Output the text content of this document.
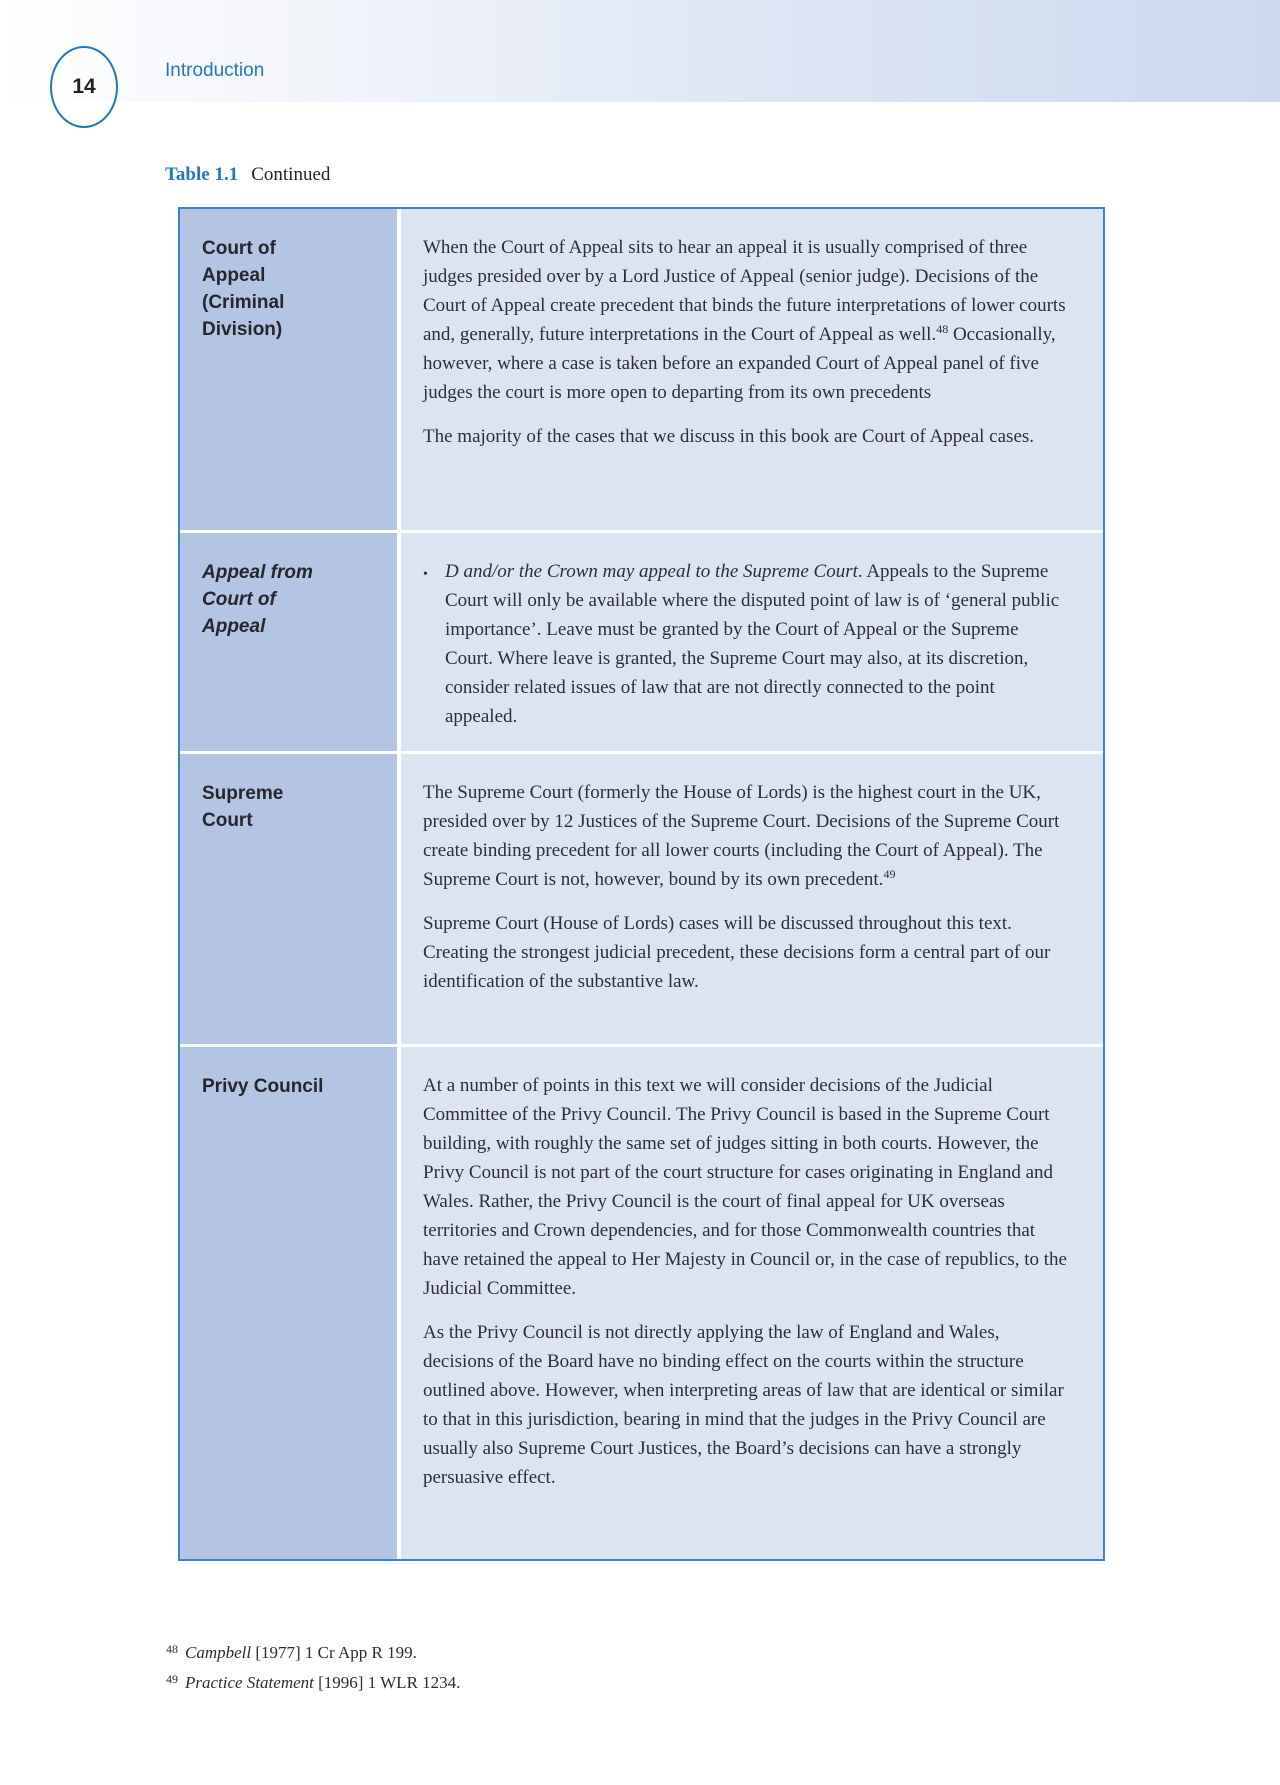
Introduction
14
Table 1.1 Continued
Court of
Appeal
(Criminal
Division)

When the Court of Appeal sits to hear an appeal it is usually comprised of three judges presided over by a Lord Justice of Appeal (senior judge). Decisions of the Court of Appeal create precedent that binds the future interpretations of lower courts and, generally, future interpretations in the Court of Appeal as well.$^{48}$ Occasionally, however, where a case is taken before an expanded Court of Appeal panel of five judges the court is more open to departing from its own precedents

The majority of the cases that we discuss in this book are Court of Appeal cases.

Appeal from
Court of
Appeal
• D and/or the Crown may appeal to the Supreme Court. Appeals to the Supreme Court will only be available where the disputed point of law is of ‘general public importance’. Leave must be granted by the Court of Appeal or the Supreme Court. Where leave is granted, the Supreme Court may also, at its discretion, consider related issues of law that are not directly connected to the point appealed.

Supreme
Court

The Supreme Court (formerly the House of Lords) is the highest court in the UK, presided over by 12 Justices of the Supreme Court. Decisions of the Supreme Court create binding precedent for all lower courts (including the Court of Appeal). The Supreme Court is not, however, bound by its own precedent.$^{49}$

Supreme Court (House of Lords) cases will be discussed throughout this text. Creating the strongest judicial precedent, these decisions form a central part of our identification of the substantive law.

Privy Council	At a number of points in this text we will consider decisions of the Judicial Committee of the Privy Council. The Privy Council is based in the Supreme Court building, with roughly the same set of judges sitting in both courts. However, the Privy Council is not part of the court structure for cases originating in England and Wales. Rather, the Privy Council is the court of final appeal for UK overseas territories and Crown dependencies, and for those Commonwealth countries that have retained the appeal to Her Majesty in Council or, in the case of republics, to the Judicial Committee.

As the Privy Council is not directly applying the law of England and Wales, decisions of the Board have no binding effect on the courts within the structure outlined above. However, when interpreting areas of law that are identical or similar to that in this jurisdiction, bearing in mind that the judges in the Privy Council are usually also Supreme Court Justices, the Board’s decisions can have a strongly persuasive effect.

$^{48}$ Campbell [1977] 1 Cr App R 199.
$^{49}$ Practice Statement [1996] 1 WLR 1234.
